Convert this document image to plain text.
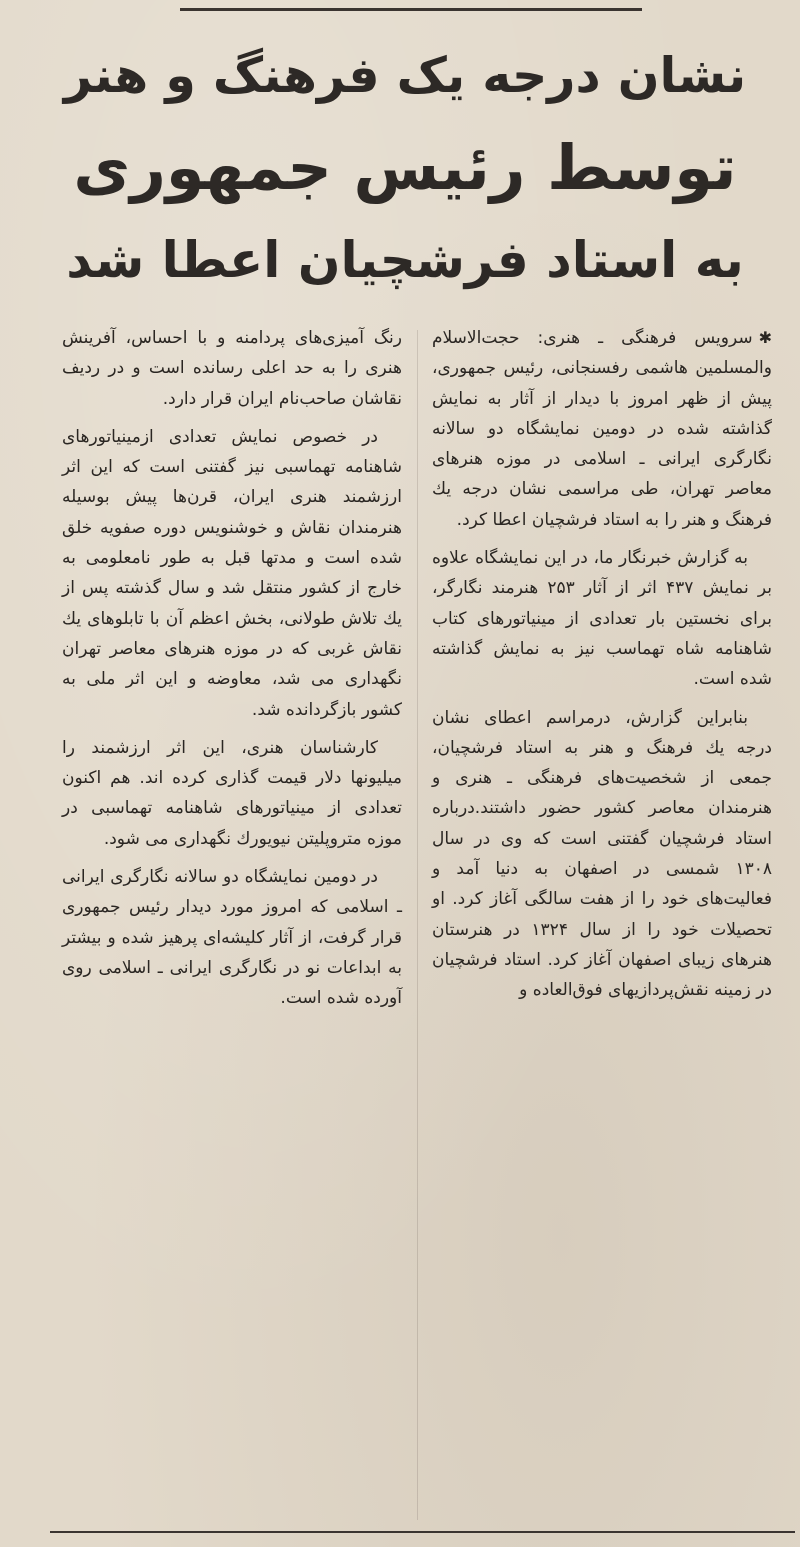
نشان درجه یک فرهنگ و هنر
توسط رئیس جمهوری
به استاد فرشچیان اعطا شد

✱سرویس فرهنگی ـ هنری: حجت‌الاسلام والمسلمین هاشمی رفسنجانی، رئیس جمهوری، پیش از ظهر امروز با دیدار از آثار به نمایش گذاشته شده در دومین نمایشگاه دو سالانه نگارگری ایرانی ـ اسلامی در موزه هنرهای معاصر تهران، طی مراسمی نشان درجه یك فرهنگ و هنر را به استاد فرشچیان اعطا کرد.

به گزارش خبرنگار ما، در این نمایشگاه علاوه بر نمایش ۴۳۷ اثر از آثار ۲۵۳ هنرمند نگارگر، برای نخستین بار تعدادی از مینیاتورهای کتاب شاهنامه شاه تهماسب نیز به نمایش گذاشته شده است.

بنابراین گزارش، درمراسم اعطای نشان درجه یك فرهنگ و هنر به استاد فرشچیان، جمعی از شخصیت‌های فرهنگی ـ هنری و هنرمندان معاصر کشور حضور داشتند.درباره استاد فرشچیان گفتنی است که وی در سال ۱۳۰۸ شمسی در اصفهان به دنیا آمد و فعالیت‌های خود را از هفت سالگی آغاز کرد. او تحصیلات خود را از سال ۱۳۲۴ در هنرستان هنرهای زیبای اصفهان آغاز کرد. استاد فرشچیان در زمینه نقش‌پردازیهای فوق‌العاده و

رنگ آمیزی‌های پردامنه و با احساس، آفرینش هنری را به حد اعلی رسانده است و در ردیف نقاشان صاحب‌نام ایران قرار دارد.

در خصوص نمایش تعدادی ازمینیاتورهای شاهنامه تهماسبی نیز گفتنی است که این اثر ارزشمند هنری ایران، قرن‌ها پیش بوسیله هنرمندان نقاش و خوشنویس دوره صفویه خلق شده است و مدتها قبل به طور نامعلومی به خارج از کشور منتقل شد و سال گذشته پس از یك تلاش طولانی، بخش اعظم آن با تابلوهای یك نقاش غربی که در موزه هنرهای معاصر تهران نگهداری می شد، معاوضه و این اثر ملی به کشور بازگردانده شد.

کارشناسان هنری، این اثر ارزشمند را میلیونها دلار قیمت گذاری کرده اند. هم اکنون تعدادی از مینیاتورهای شاهنامه تهماسبی در موزه متروپلیتن نیویورك نگهداری می شود.

در دومین نمایشگاه دو سالانه نگارگری ایرانی ـ اسلامی که امروز مورد دیدار رئیس جمهوری قرار گرفت، از آثار کلیشه‌ای پرهیز شده و بیشتر به ابداعات نو در نگارگری ایرانی ـ اسلامی روی آورده شده است.
